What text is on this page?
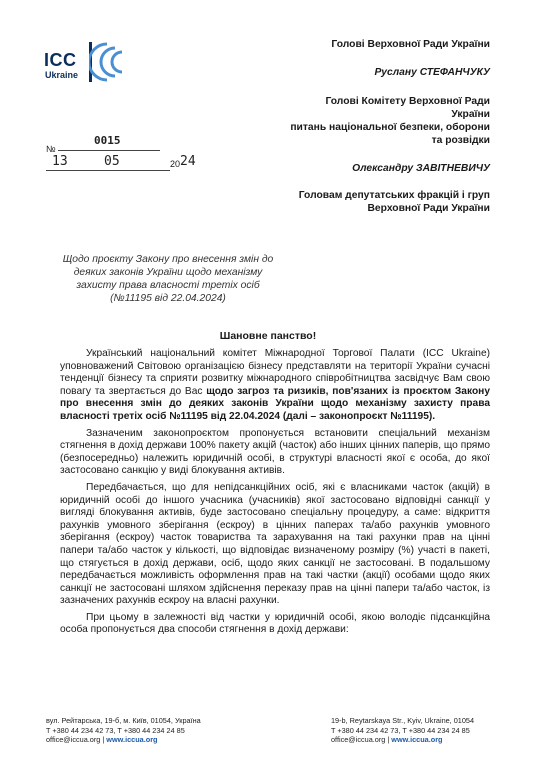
ICC
Ukraine
Голові Верховної Ради України
Руслану СТЕФАНЧУКУ
Голові Комітету Верховної Ради
України
питань національної безпеки, оборони
та розвідки
Олександру ЗАВІТНЕВИЧУ
Головам депутатських фракцій і груп
Верховної Ради України
№
0015
13	05	20 24
Щодо проєкту Закону про внесення змін до деяких законів України щодо механізму захисту права власності третіх осіб (№11195 від 22.04.2024)
Шановне панство!

Український національний комітет Міжнародної Торгової Палати (ICC Ukraine) уповноважений Світовою організацією бізнесу представляти на території України сучасні тенденції бізнесу та сприяти розвитку міжнародного співробітництва засвідчує Вам свою повагу та звертається до Вас щодо загроз та ризиків, пов'язаних із проєктом Закону про внесення змін до деяких законів України щодо механізму захисту права власності третіх осіб №11195 від 22.04.2024 (далі – законопроєкт №11195).

Зазначеним законопроєктом пропонується встановити спеціальний механізм стягнення в дохід держави 100% пакету акцій (часток) або інших цінних паперів, що прямо (безпосередньо) належить юридичній особі, в структурі власності якої є особа, до якої застосовано санкцію у виді блокування активів.

Передбачається, що для непідсанкційних осіб, які є власниками часток (акцій) в юридичній особі до іншого учасника (учасників) якої застосовано відповідні санкції у вигляді блокування активів, буде застосовано спеціальну процедуру, а саме: відкриття рахунків умовного зберігання (ескроу) в цінних паперах та/або рахунків умовного зберігання (ескроу) часток товариства та зарахування на такі рахунки прав на цінні папери та/або часток у кількості, що відповідає визначеному розміру (%) участі в пакеті, що стягується в дохід держави, осіб, щодо яких санкції не застосовані. В подальшому передбачається можливість оформлення прав на такі частки (акції) особами щодо яких санкції не застосовані шляхом здійснення переказу прав на цінні папери та/або часток, із зазначених рахунків ескроу на власні рахунки.

При цьому в залежності від частки у юридичній особі, якою володіє підсанкційна особа пропонується два способи стягнення в дохід держави:

вул. Рейтарська, 19-б, м. Київ, 01054, Україна
T +380 44 234 42 73, T +380 44 234 24 85
office@iccua.org | www.iccua.org
19-b, Reytarskaya Str., Kyiv, Ukraine, 01054
T +380 44 234 42 73, T +380 44 234 24 85
office@iccua.org | www.iccua.org
